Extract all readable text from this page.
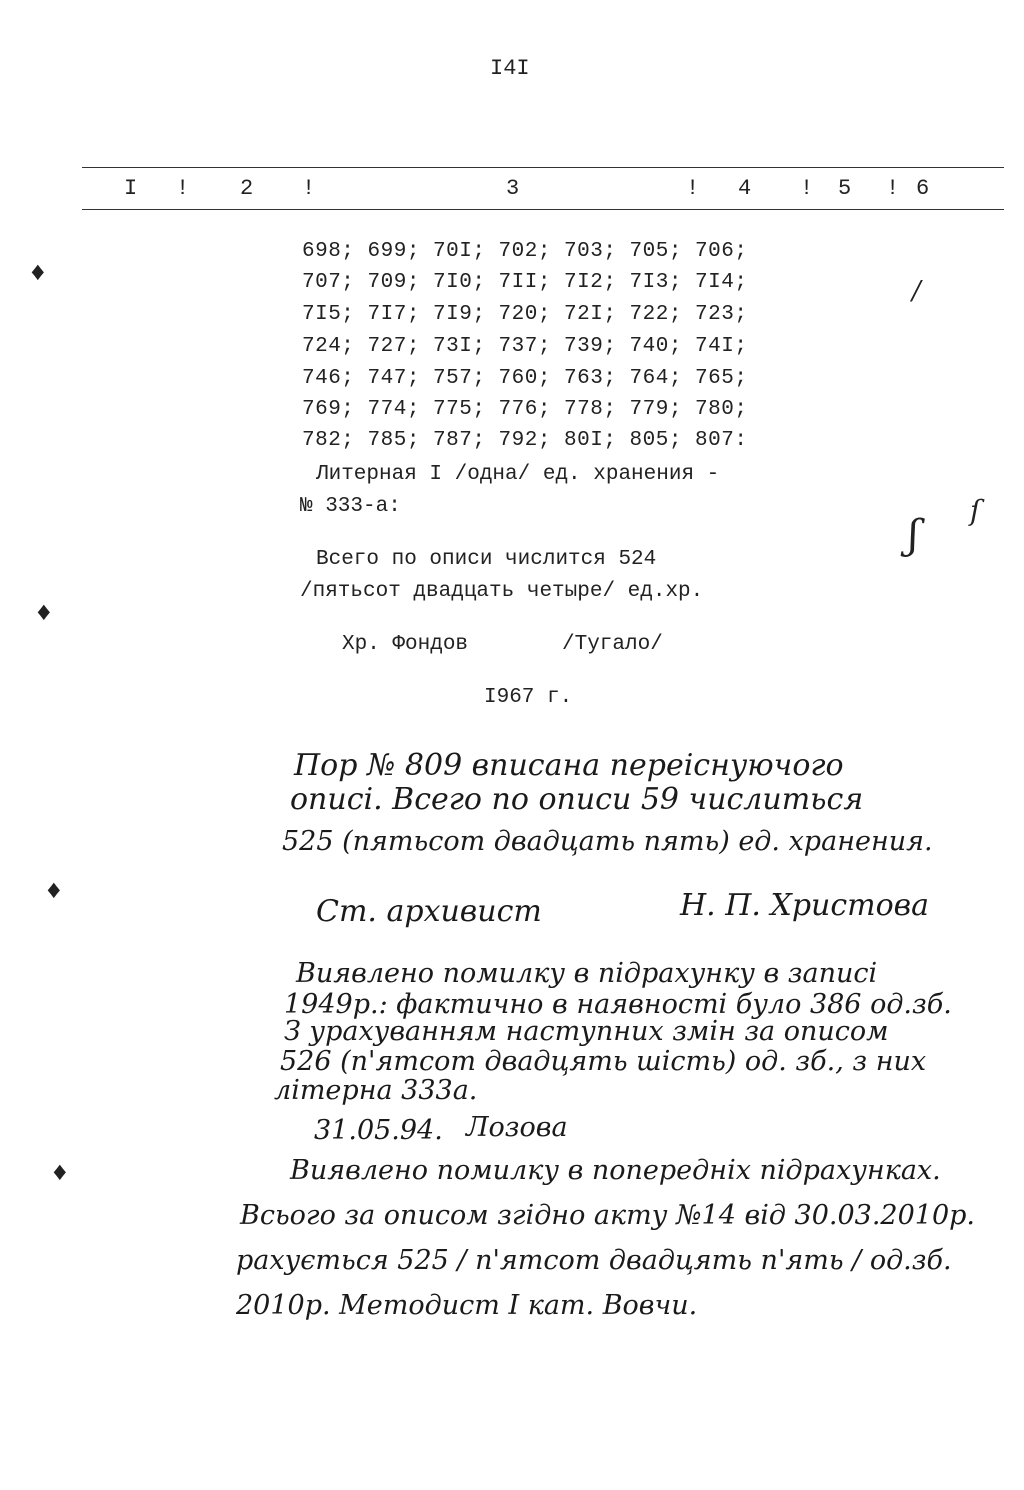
I4I
I ! 2 !	3	! 4 ! 5 ! 6
698; 699; 70I; 702; 703; 705; 706;
707; 709; 7I0; 7II; 7I2; 7I3; 7I4;
7I5; 7I7; 7I9; 720; 72I; 722; 723;
724; 727; 73I; 737; 739; 740; 74I;
746; 747; 757; 760; 763; 764; 765;
769; 774; 775; 776; 778; 779; 780;
782; 785; 787; 792; 80I; 805; 807:
Литерная I /одна/ ед. хранения -
№ 333-а:
Всего по описи числится 524
/пятьсот двадцать четыре/ ед.хр.
Хр. Фондов	/Тугало/
I967 г.
Пор № 809 вписана переіснуючого
описі. Всего по описи 59 числиться
525 (пятьсот двадцать пять) ед. хранения.
Ст. архивист	Н. П. Христова
Виявлено помилку в підрахунку в записі
1949р.: фактично в наявності було 386 од.зб.
З урахуванням наступних змін за описом
526 (п'ятсот двадцять шість) од. зб., з них
літерна 333а.
31.05.94. Лозова
Виявлено помилку в попередніх підрахунках.
Всього за описом згідно акту №14 від 30.03.2010р.
рахується 525 / п'ятсот двадцять п'ять / од.зб.
2010р. Методист І кат. Вовчи.
♦
♦
♦
♦
/
ʃ
ſ
